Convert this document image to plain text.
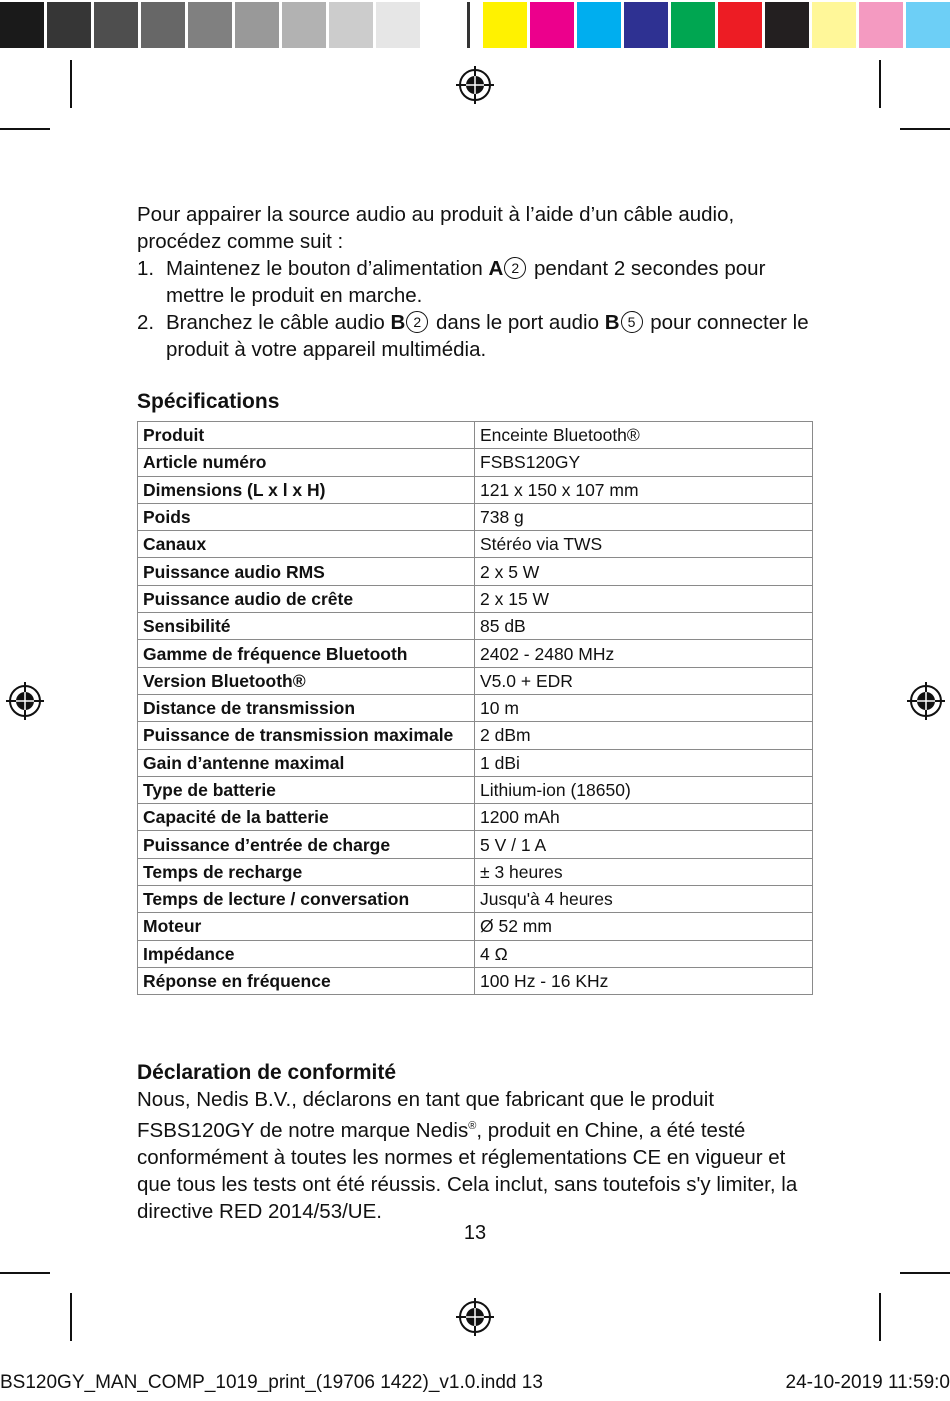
Pour appairer la source audio au produit à l’aide d’un câble audio, procédez comme suit :

1. Maintenez le bouton d’alimentation A 2 pendant 2 secondes pour mettre le produit en marche.
2. Branchez le câble audio B 2 dans le port audio B 5 pour connecter le produit à votre appareil multimédia.
Spécifications
Produit	Enceinte Bluetooth®
Article numéro	FSBS120GY
Dimensions (L x l x H)	121 x 150 x 107 mm
Poids	738 g
Canaux	Stéréo via TWS
Puissance audio RMS	2 x 5 W
Puissance audio de crête	2 x 15 W
Sensibilité	85 dB
Gamme de fréquence Bluetooth	2402 - 2480 MHz
Version Bluetooth®	V5.0 + EDR
Distance de transmission	10 m
Puissance de transmission maximale	2 dBm
Gain d’antenne maximal	1 dBi
Type de batterie	Lithium-ion (18650)
Capacité de la batterie	1200 mAh
Puissance d’entrée de charge	5 V / 1 A
Temps de recharge	± 3 heures
Temps de lecture / conversation	Jusqu'à 4 heures
Moteur	Ø 52 mm
Impédance	4 Ω
Réponse en fréquence	100 Hz - 16 KHz
Déclaration de conformité

Nous, Nedis B.V., déclarons en tant que fabricant que le produit FSBS120GY de notre marque Nedis®, produit en Chine, a été testé conformément à toutes les normes et réglementations CE en vigueur et que tous les tests ont été réussis. Cela inclut, sans toutefois s'y limiter, la directive RED 2014/53/UE.

13
BS120GY_MAN_COMP_1019_print_(19706 1422)_v1.0.indd 13	24-10-2019 11:59:0
